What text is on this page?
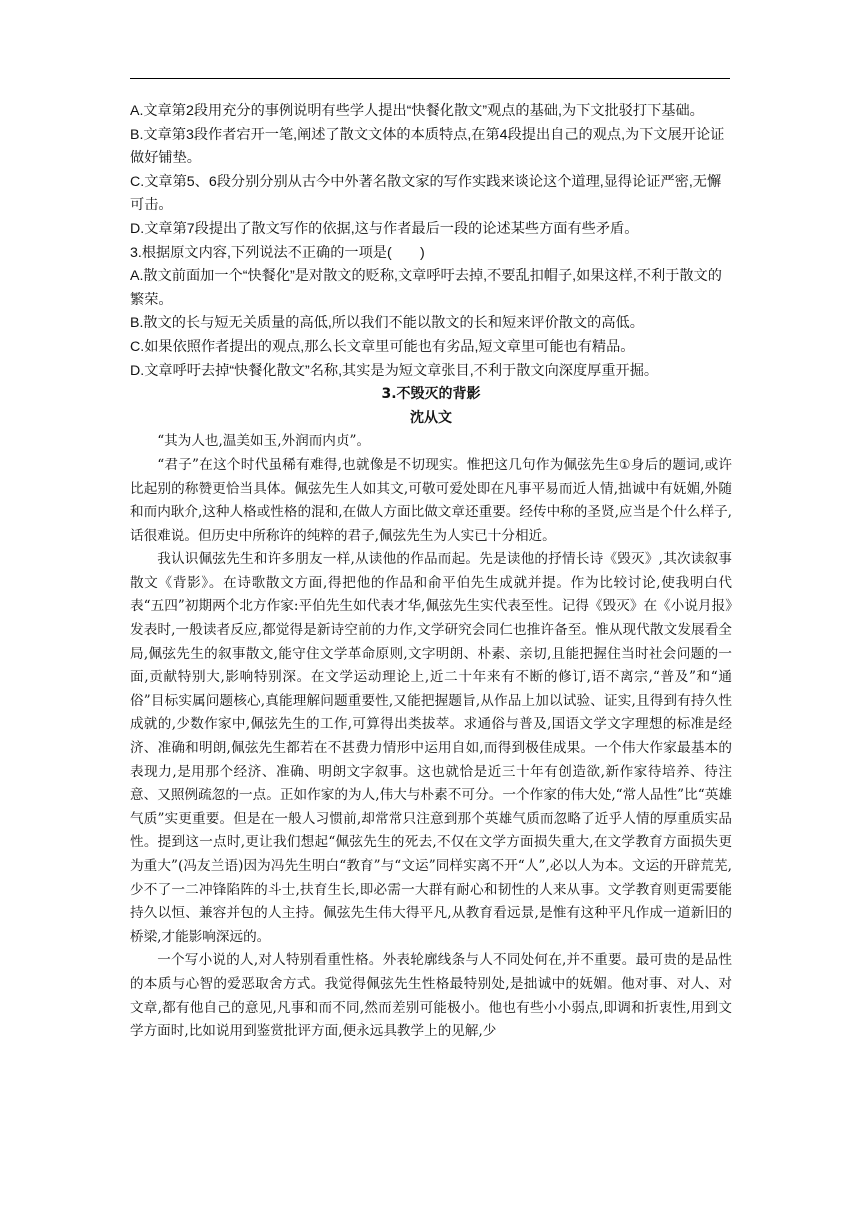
A.文章第2段用充分的事例说明有些学人提出“快餐化散文”观点的基础,为下文批驳打下基础。

B.文章第3段作者宕开一笔,阐述了散文文体的本质特点,在第4段提出自己的观点,为下文展开论证做好铺垫。

C.文章第5、6段分别分别从古今中外著名散文家的写作实践来谈论这个道理,显得论证严密,无懈可击。

D.文章第7段提出了散文写作的依据,这与作者最后一段的论述某些方面有些矛盾。

3.根据原文内容,下列说法不正确的一项是(　　)

A.散文前面加一个“快餐化”是对散文的贬称,文章呼吁去掉,不要乱扣帽子,如果这样,不利于散文的繁荣。

B.散文的长与短无关质量的高低,所以我们不能以散文的长和短来评价散文的高低。

C.如果依照作者提出的观点,那么长文章里可能也有劣品,短文章里可能也有精品。

D.文章呼吁去掉“快餐化散文”名称,其实是为短文章张目,不利于散文向深度厚重开掘。

3.不毁灭的背影

沈从文

“其为人也,温美如玉,外润而内贞”。

“君子”在这个时代虽稀有难得,也就像是不切现实。惟把这几句作为佩弦先生①身后的题词,或许比起别的称赞更恰当具体。佩弦先生人如其文,可敬可爱处即在凡事平易而近人情,拙诚中有妩媚,外随和而内耿介,这种人格或性格的混和,在做人方面比做文章还重要。经传中称的圣贤,应当是个什么样子,话很难说。但历史中所称许的纯粹的君子,佩弦先生为人实已十分相近。

我认识佩弦先生和许多朋友一样,从读他的作品而起。先是读他的抒情长诗《毁灭》,其次读叙事散文《背影》。在诗歌散文方面,得把他的作品和俞平伯先生成就并提。作为比较讨论,使我明白代表“五四”初期两个北方作家:平伯先生如代表才华,佩弦先生实代表至性。记得《毁灭》在《小说月报》发表时,一般读者反应,都觉得是新诗空前的力作,文学研究会同仁也推许备至。惟从现代散文发展看全局,佩弦先生的叙事散文,能守住文学革命原则,文字明朗、朴素、亲切,且能把握住当时社会问题的一面,贡献特别大,影响特别深。在文学运动理论上,近二十年来有不断的修订,语不离宗,“普及”和“通俗”目标实属问题核心,真能理解问题重要性,又能把握题旨,从作品上加以试验、证实,且得到有持久性成就的,少数作家中,佩弦先生的工作,可算得出类拔萃。求通俗与普及,国语文学文字理想的标准是经济、准确和明朗,佩弦先生都若在不甚费力情形中运用自如,而得到极佳成果。一个伟大作家最基本的表现力,是用那个经济、准确、明朗文字叙事。这也就恰是近三十年有创造欲,新作家待培养、待注意、又照例疏忽的一点。正如作家的为人,伟大与朴素不可分。一个作家的伟大处,“常人品性”比“英雄气质”实更重要。但是在一般人习惯前,却常常只注意到那个英雄气质而忽略了近乎人情的厚重质实品性。提到这一点时,更让我们想起“佩弦先生的死去,不仅在文学方面损失重大,在文学教育方面损失更为重大”(冯友兰语)因为冯先生明白“教育”与“文运”同样实离不开“人”,必以人为本。文运的开辟荒芜,少不了一二冲锋陷阵的斗士,扶育生长,即必需一大群有耐心和韧性的人来从事。文学教育则更需要能持久以恒、兼容并包的人主持。佩弦先生伟大得平凡,从教育看远景,是惟有这种平凡作成一道新旧的桥梁,才能影响深远的。

一个写小说的人,对人特别看重性格。外表轮廓线条与人不同处何在,并不重要。最可贵的是品性的本质与心智的爱恶取舍方式。我觉得佩弦先生性格最特别处,是拙诚中的妩媚。他对事、对人、对文章,都有他自己的意见,凡事和而不同,然而差别可能极小。他也有些小小弱点,即调和折衷性,用到文学方面时,比如说用到鉴赏批评方面,便永远具教学上的见解,少
